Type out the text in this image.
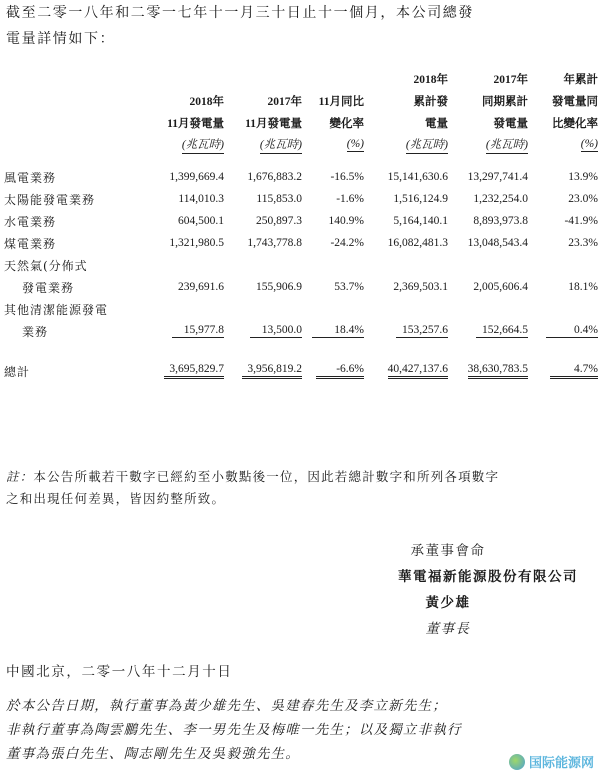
截至二零一八年和二零一七年十一月三十日止十一個月，本公司總發
電量詳情如下：
				2018年	2017年	年累計
	2018年	2017年	11月同比	累計發	同期累計	發電量同
	11月發電量	11月發電量	變化率	電量	發電量	比變化率
	(兆瓦時)	(兆瓦時)	(%)	(兆瓦時)	(兆瓦時)	(%)

風電業務	1,399,669.4	1,676,883.2	-16.5%	15,141,630.6	13,297,741.4	13.9%
太陽能發電業務	114,010.3	115,853.0	-1.6%	1,516,124.9	1,232,254.0	23.0%
水電業務	604,500.1	250,897.3	140.9%	5,164,140.1	8,893,973.8	-41.9%
煤電業務	1,321,980.5	1,743,778.8	-24.2%	16,082,481.3	13,048,543.4	23.3%
天然氣(分佈式						
發電業務	239,691.6	155,906.9	53.7%	2,369,503.1	2,005,606.4	18.1%
其他清潔能源發電						
業務	15,977.8	13,500.0	18.4%	153,257.6	152,664.5	0.4%

總計	3,695,829.7	3,956,819.2	-6.6%	40,427,137.6	38,630,783.5	4.7%
註： 本公告所載若干數字已經約至小數點後一位，因此若總計數字和所列各項數字
之和出現任何差異，皆因約整所致。
承董事會命
華電福新能源股份有限公司
黃少雄
董事長
中國北京，二零一八年十二月十日
於本公告日期，執行董事為黃少雄先生、吳建春先生及李立新先生；
非執行董事為陶雲鵬先生、李一男先生及梅唯一先生；以及獨立非執行
董事為張白先生、陶志剛先生及吳毅強先生。
国际能源网
